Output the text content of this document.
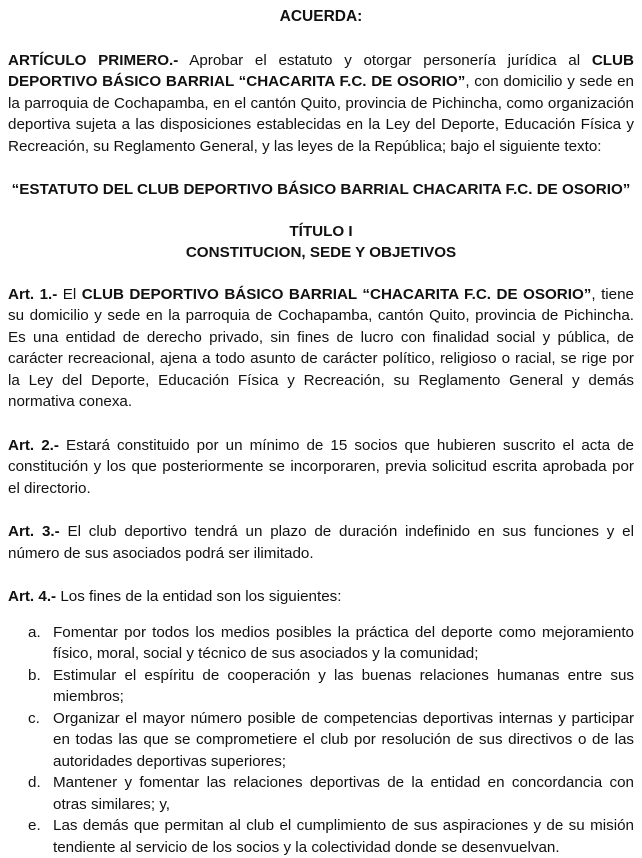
ACUERDA:

ARTÍCULO PRIMERO.- Aprobar el estatuto y otorgar personería jurídica al CLUB DEPORTIVO BÁSICO BARRIAL “CHACARITA F.C. DE OSORIO”, con domicilio y sede en la parroquia de Cochapamba, en el cantón Quito, provincia de Pichincha, como organización deportiva sujeta a las disposiciones establecidas en la Ley del Deporte, Educación Física y Recreación, su Reglamento General, y las leyes de la República; bajo el siguiente texto:

“ESTATUTO DEL CLUB DEPORTIVO BÁSICO BARRIAL CHACARITA F.C. DE OSORIO”
TÍTULO I
CONSTITUCION, SEDE Y OBJETIVOS

Art. 1.- El CLUB DEPORTIVO BÁSICO BARRIAL “CHACARITA F.C. DE OSORIO”, tiene su domicilio y sede en la parroquia de Cochapamba, cantón Quito, provincia de Pichincha. Es una entidad de derecho privado, sin fines de lucro con finalidad social y pública, de carácter recreacional, ajena a todo asunto de carácter político, religioso o racial, se rige por la Ley del Deporte, Educación Física y Recreación, su Reglamento General y demás normativa conexa.

Art. 2.- Estará constituido por un mínimo de 15 socios que hubieren suscrito el acta de constitución y los que posteriormente se incorporaren, previa solicitud escrita aprobada por el directorio.

Art. 3.- El club deportivo tendrá un plazo de duración indefinido en sus funciones y el número de sus asociados podrá ser ilimitado.

Art. 4.- Los fines de la entidad son los siguientes:

a. Fomentar por todos los medios posibles la práctica del deporte como mejoramiento físico, moral, social y técnico de sus asociados y la comunidad;
b. Estimular el espíritu de cooperación y las buenas relaciones humanas entre sus miembros;
c. Organizar el mayor número posible de competencias deportivas internas y participar en todas las que se comprometiere el club por resolución de sus directivos o de las autoridades deportivas superiores;
d. Mantener y fomentar las relaciones deportivas de la entidad en concordancia con otras similares; y,
e. Las demás que permitan al club el cumplimiento de sus aspiraciones y de su misión tendiente al servicio de los socios y la colectividad donde se desenvuelvan.
